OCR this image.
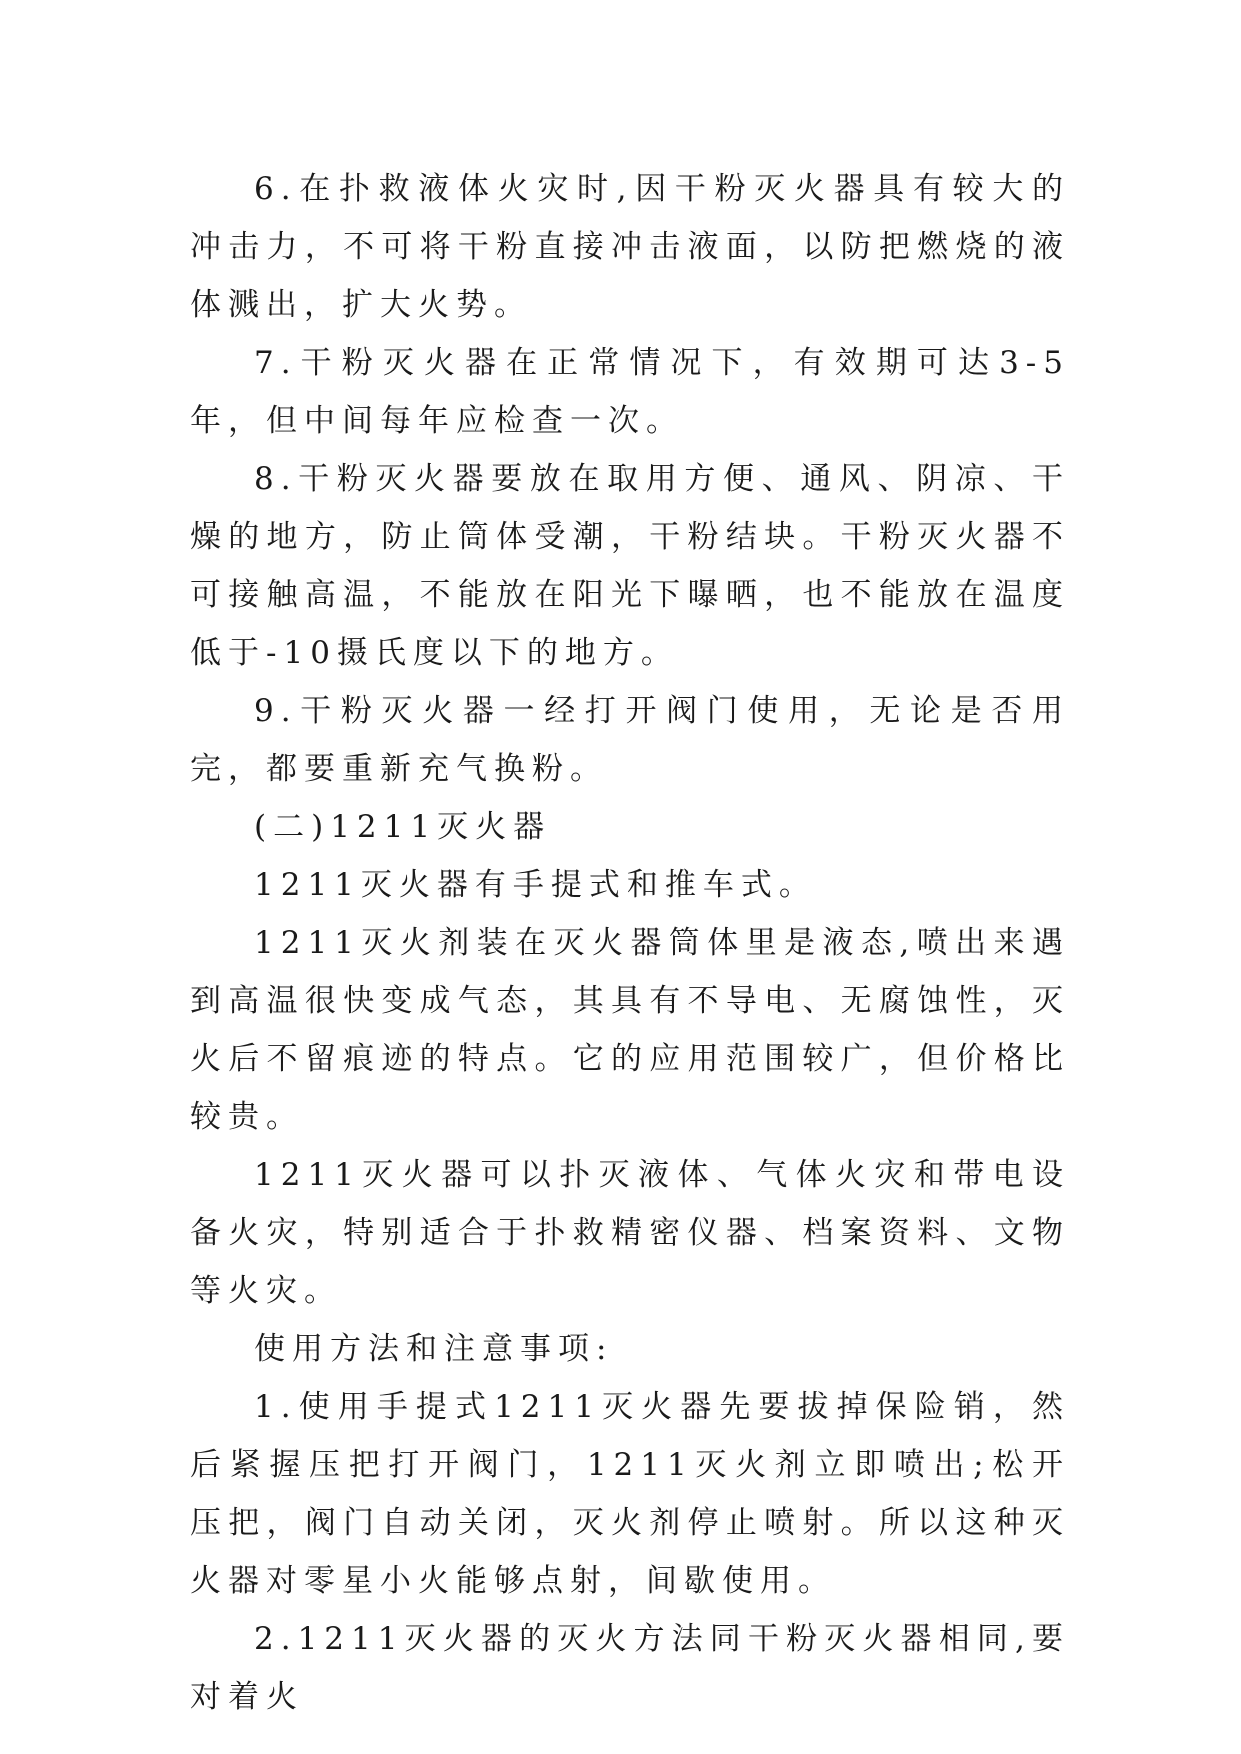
6.在扑救液体火灾时,因干粉灭火器具有较大的冲击力，不可将干粉直接冲击液面，以防把燃烧的液体溅出，扩大火势。

7.干粉灭火器在正常情况下，有效期可达3-5年，但中间每年应检查一次。

8.干粉灭火器要放在取用方便、通风、阴凉、干燥的地方，防止筒体受潮，干粉结块。干粉灭火器不可接触高温，不能放在阳光下曝晒，也不能放在温度低于-10摄氏度以下的地方。

9.干粉灭火器一经打开阀门使用，无论是否用完，都要重新充气换粉。

(二)1211灭火器

1211灭火器有手提式和推车式。

1211灭火剂装在灭火器筒体里是液态,喷出来遇到高温很快变成气态，其具有不导电、无腐蚀性，灭火后不留痕迹的特点。它的应用范围较广，但价格比较贵。

1211灭火器可以扑灭液体、气体火灾和带电设备火灾，特别适合于扑救精密仪器、档案资料、文物等火灾。

使用方法和注意事项:

1.使用手提式1211灭火器先要拔掉保险销，然后紧握压把打开阀门，1211灭火剂立即喷出;松开压把，阀门自动关闭，灭火剂停止喷射。所以这种灭火器对零星小火能够点射，间歇使用。

2.1211灭火器的灭火方法同干粉灭火器相同,要对着火
